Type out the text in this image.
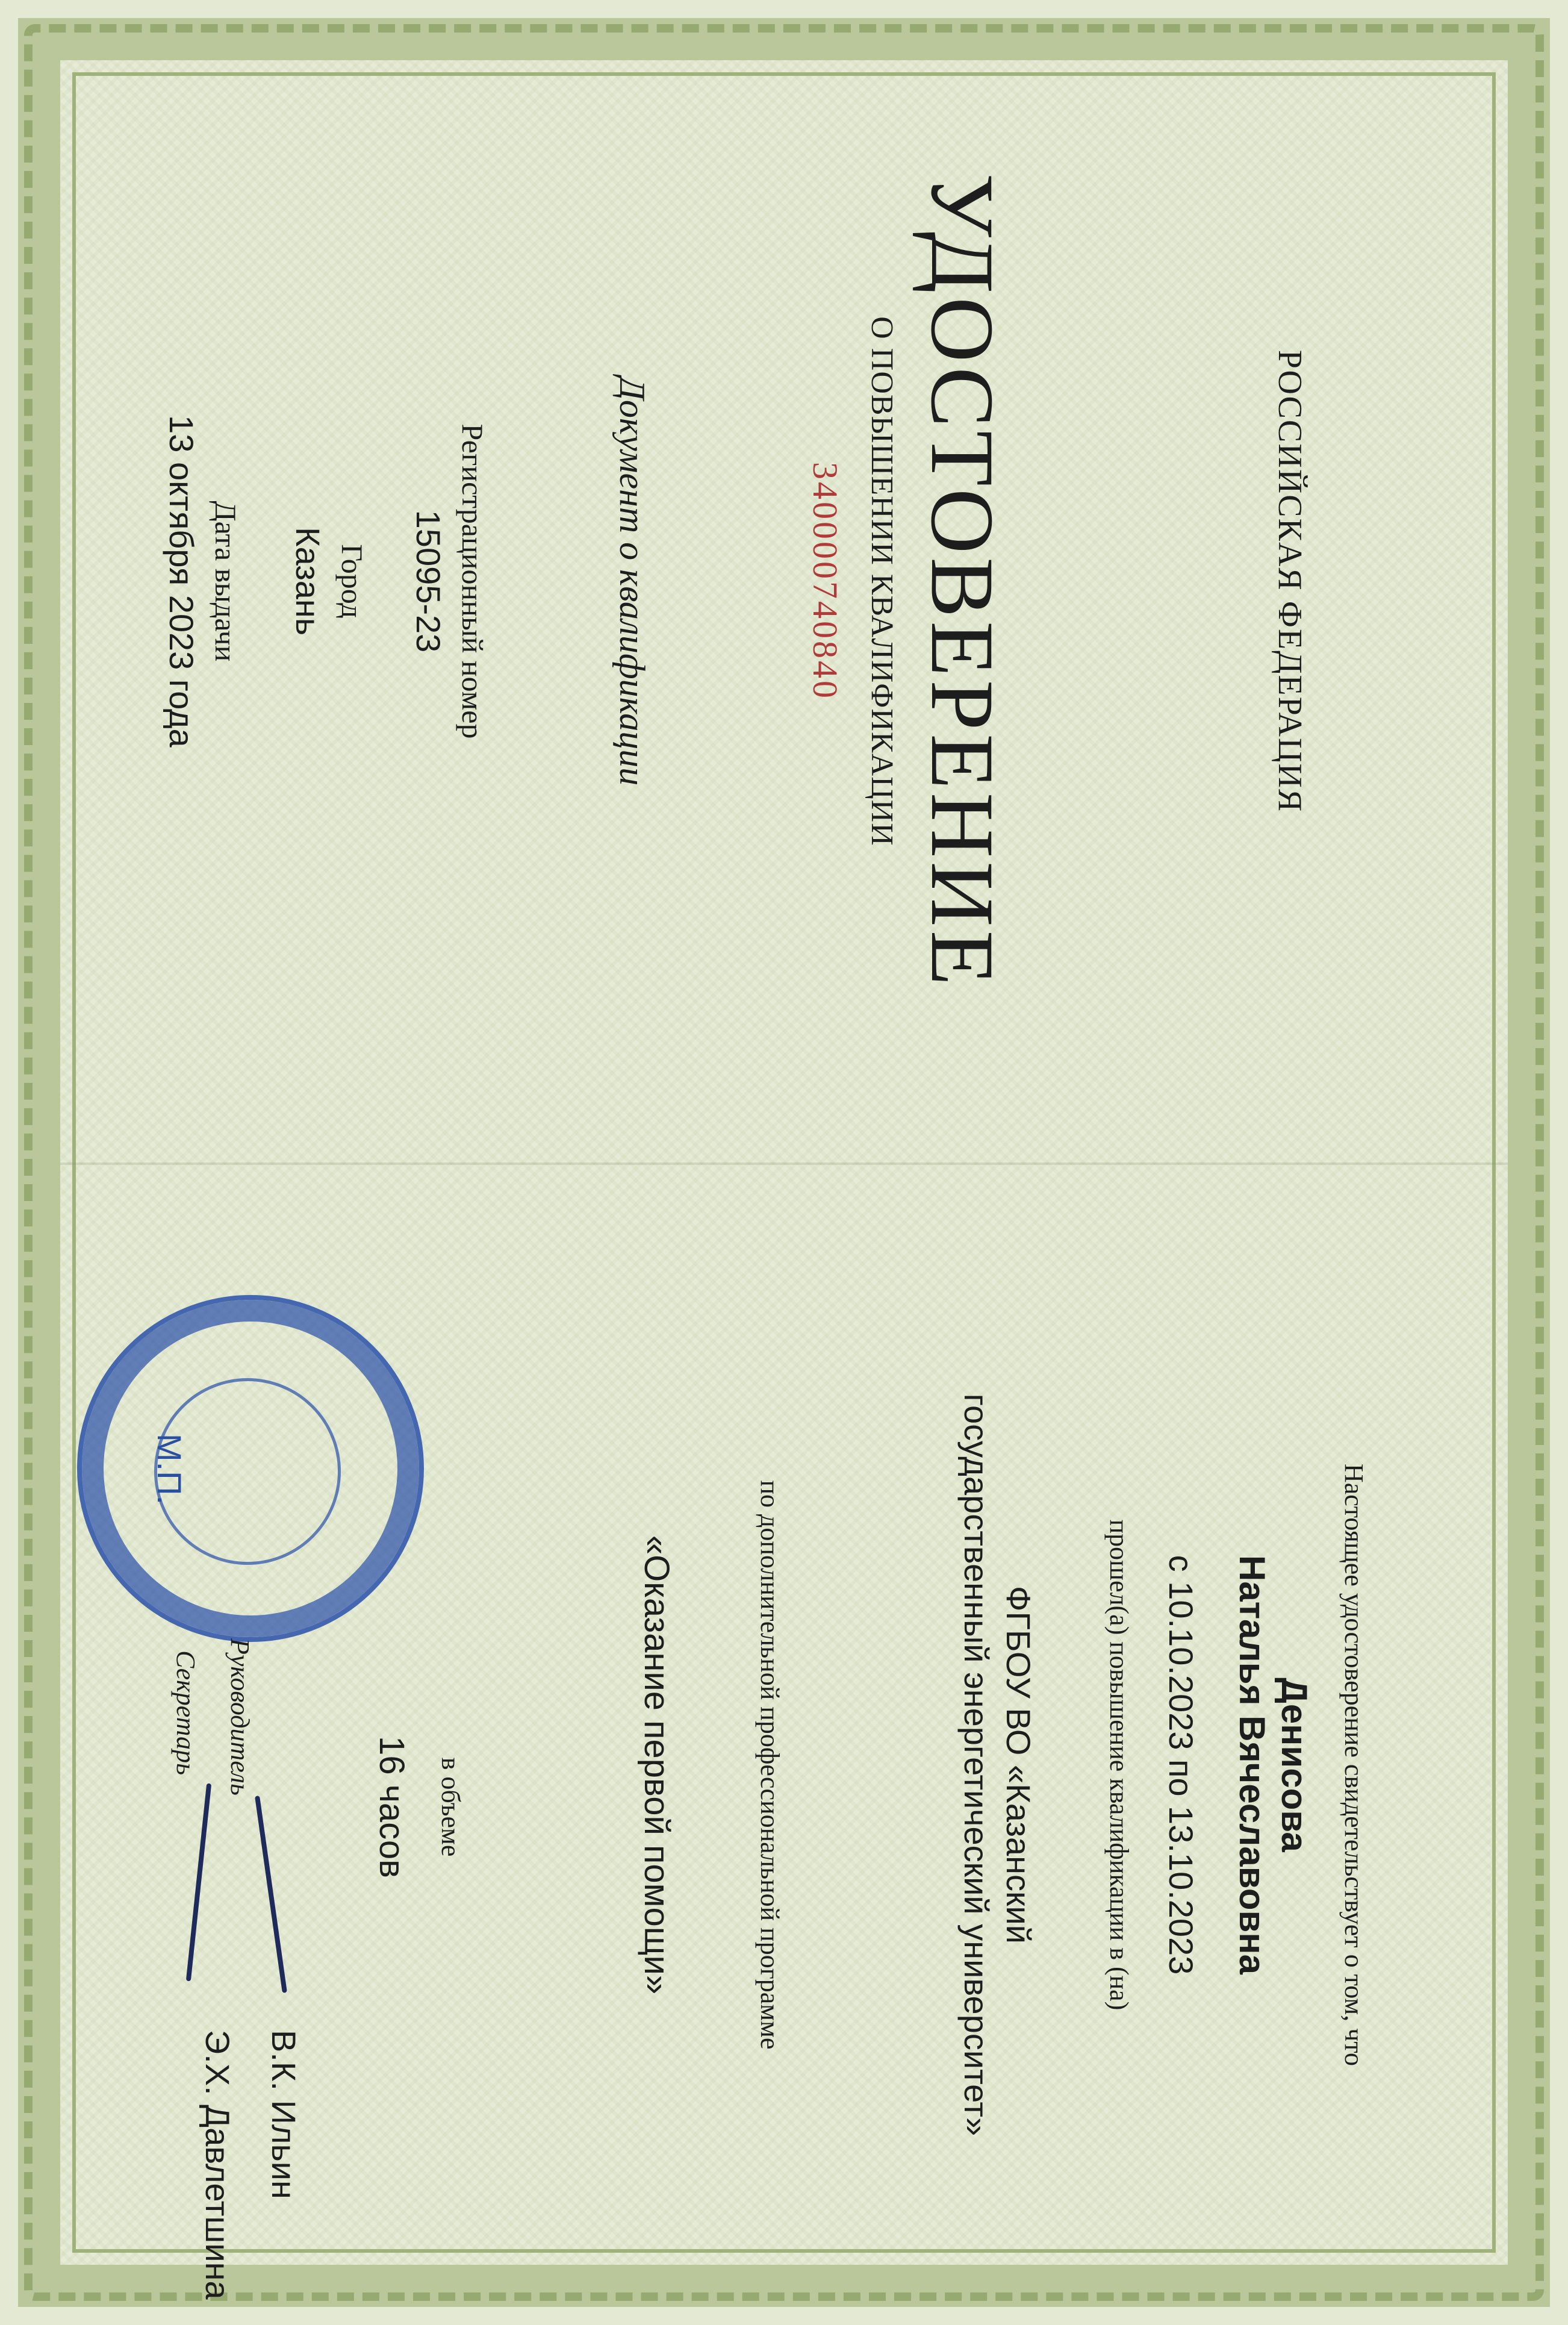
РОССИЙСКАЯ ФЕДЕРАЦИЯ
УДОСТОВЕРЕНИЕ
О ПОВЫШЕНИИ КВАЛИФИКАЦИИ
340000740840
Документ о квалификации
Регистрационный номер
15095-23
Город
Казань
Дата выдачи
13 октября 2023 года
Настоящее удостоверение свидетельствует о том, что
Денисова
Наталья Вячеславовна
с 10.10.2023 по 13.10.2023
прошел(а) повышение квалификации в (на)
ФГБОУ ВО «Казанский
государственный энергетический университет»
по дополнительной профессиональной программе
«Оказание первой помощи»
в объеме
16 часов
М.П.
Руководитель
В.К. Ильин
Секретарь
Э.Х. Давлетшина
